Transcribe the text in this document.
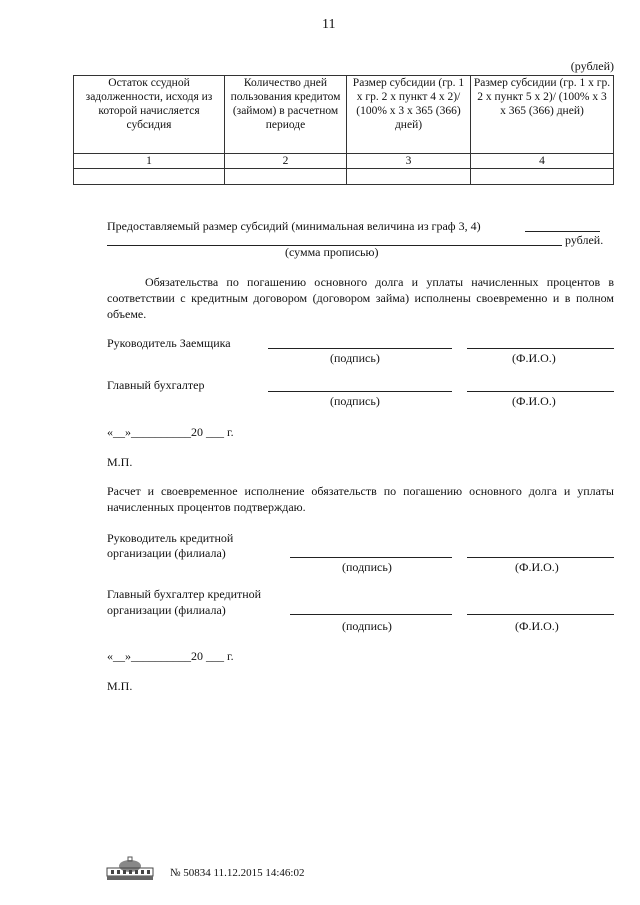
11
(рублей)
Остаток ссудной задолженности, исходя из которой начисляется субсидия	Количество дней пользования кредитом (займом) в расчетном периоде	Размер субсидии (гр. 1 х гр. 2 х пункт 4 х 2)/ (100% х 3 х 365 (366) дней)	Размер субсидии (гр. 1 х гр. 2 х пункт 5 х 2)/ (100% х 3 х 365 (366) дней)
1	2	3	4

Предоставляемый размер субсидий (минимальная величина из граф 3, 4)
рублей.
(сумма прописью)
Обязательства по погашению основного долга и уплаты начисленных процентов в соответствии с кредитным договором (договором займа) исполнены своевременно и в полном объеме.
Руководитель Заемщика
(подпись)	(Ф.И.О.)
Главный бухгалтер
(подпись)	(Ф.И.О.)
«__»__________20 ___ г.
М.П.
Расчет и своевременное исполнение обязательств по погашению основного долга и уплаты начисленных процентов подтверждаю.
Руководитель кредитной
организации (филиала)
(подпись)	(Ф.И.О.)
Главный бухгалтер кредитной
организации (филиала)
(подпись)	(Ф.И.О.)
«__»__________20 ___ г.
М.П.
№ 50834 11.12.2015 14:46:02
